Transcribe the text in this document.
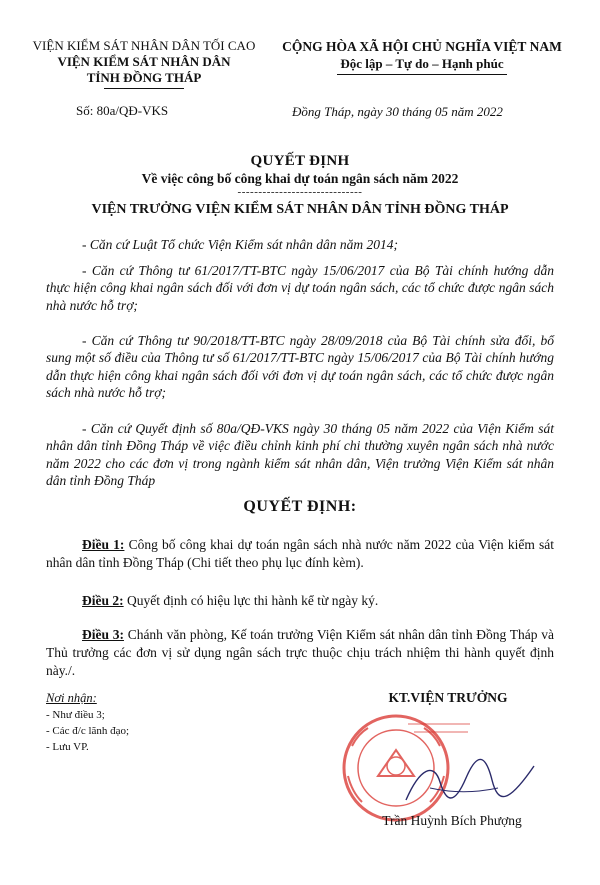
VIỆN KIỂM SÁT NHÂN DÂN TỐI CAO
VIỆN KIỂM SÁT NHÂN DÂN
TỈNH ĐỒNG THÁP
CỘNG HÒA XÃ HỘI CHỦ NGHĨA VIỆT NAM
Độc lập – Tự do – Hạnh phúc
Số: 80a/QĐ-VKS	Đồng Tháp, ngày 30 tháng 05 năm 2022
QUYẾT ĐỊNH
Về việc công bố công khai dự toán ngân sách năm 2022
------------------------------
VIỆN TRƯỞNG VIỆN KIỂM SÁT NHÂN DÂN TỈNH ĐỒNG THÁP
- Căn cứ Luật Tổ chức Viện Kiểm sát nhân dân năm 2014;
- Căn cứ Thông tư 61/2017/TT-BTC ngày 15/06/2017 của Bộ Tài chính hướng dẫn thực hiện công khai ngân sách đối với đơn vị dự toán ngân sách, các tổ chức được ngân sách nhà nước hỗ trợ;
- Căn cứ Thông tư 90/2018/TT-BTC ngày 28/09/2018 của Bộ Tài chính sửa đổi, bổ sung một số điều của Thông tư số 61/2017/TT-BTC ngày 15/06/2017 của Bộ Tài chính hướng dẫn thực hiện công khai ngân sách đối với đơn vị dự toán ngân sách, các tổ chức được ngân sách nhà nước hỗ trợ;
- Căn cứ Quyết định số 80a/QĐ-VKS ngày 30 tháng 05 năm 2022 của Viện Kiểm sát nhân dân tỉnh Đồng Tháp về việc điều chỉnh kinh phí chi thường xuyên ngân sách nhà nước năm 2022 cho các đơn vị trong ngành kiểm sát nhân dân, Viện trưởng Viện Kiểm sát nhân dân tỉnh Đồng Tháp
QUYẾT ĐỊNH:
Điều 1: Công bố công khai dự toán ngân sách nhà nước năm 2022 của Viện kiểm sát nhân dân tỉnh Đồng Tháp (Chi tiết theo phụ lục đính kèm).
Điều 2: Quyết định có hiệu lực thi hành kể từ ngày ký.
Điều 3: Chánh văn phòng, Kế toán trưởng Viện Kiểm sát nhân dân tỉnh Đồng Tháp và Thủ trưởng các đơn vị sử dụng ngân sách trực thuộc chịu trách nhiệm thi hành quyết định này./.
Nơi nhận:
- Như điều 3;
- Các đ/c lãnh đạo;
- Lưu VP.
KT.VIỆN TRƯỞNG
Trần Huỳnh Bích Phượng
